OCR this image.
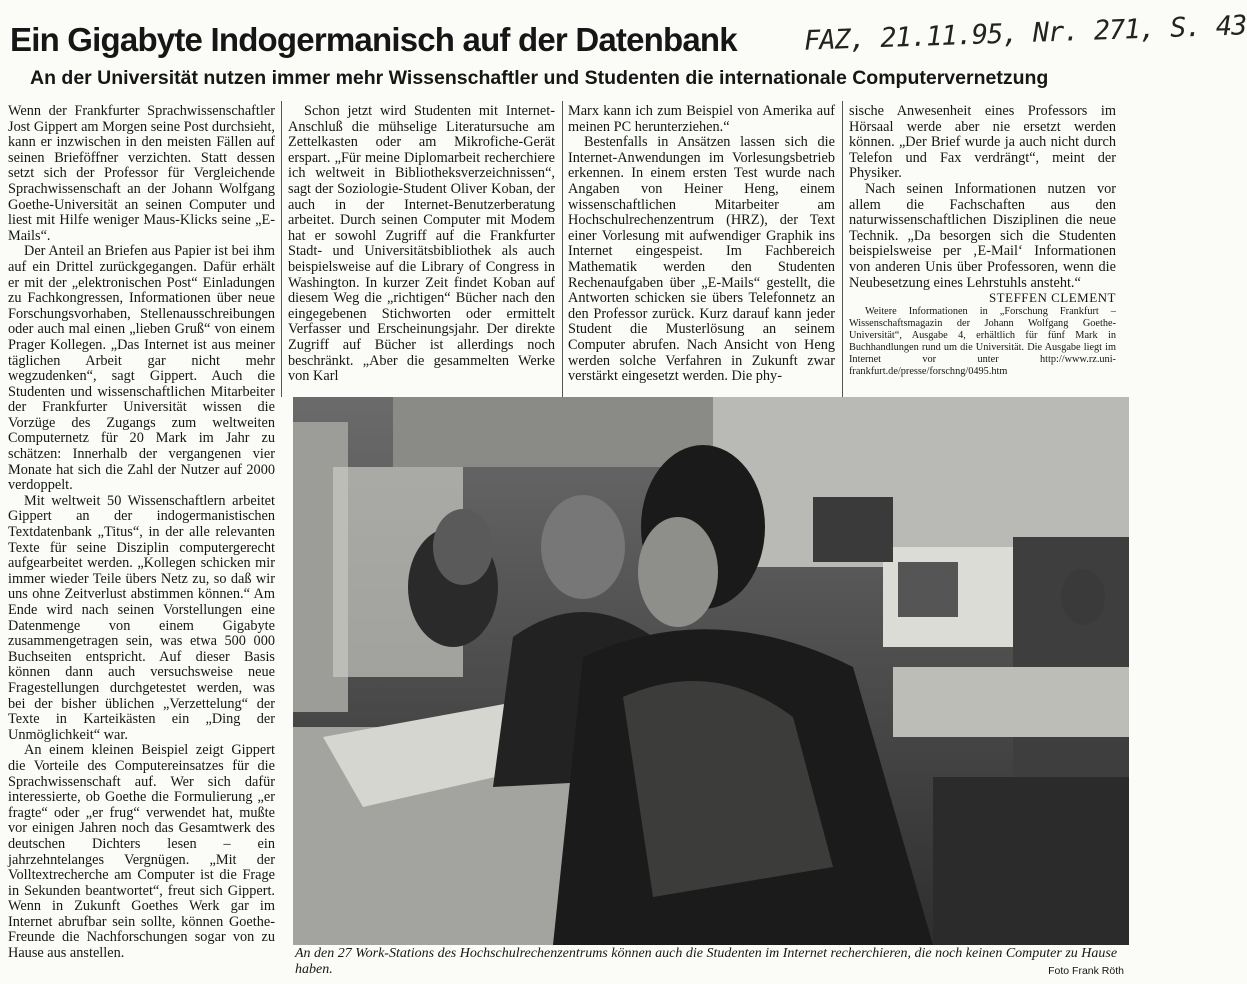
Ein Gigabyte Indogermanisch auf der Datenbank FAZ, 21.11.95, Nr. 271, S. 43
An der Universität nutzen immer mehr Wissenschaftler und Studenten die internationale Computervernetzung

Wenn der Frankfurter Sprachwissenschaftler Jost Gippert am Morgen seine Post durchsieht, kann er inzwischen in den meisten Fällen auf seinen Brieföffner verzichten. Statt dessen setzt sich der Professor für Vergleichende Sprachwissenschaft an der Johann Wolfgang Goethe-Universität an seinen Computer und liest mit Hilfe weniger Maus-Klicks seine „E-Mails“.

Der Anteil an Briefen aus Papier ist bei ihm auf ein Drittel zurückgegangen. Dafür erhält er mit der „elektronischen Post“ Einladungen zu Fachkongressen, Informationen über neue Forschungsvorhaben, Stellenausschreibungen oder auch mal einen „lieben Gruß“ von einem Prager Kollegen. „Das Internet ist aus meiner täglichen Arbeit gar nicht mehr wegzudenken“, sagt Gippert. Auch die Studenten und wissenschaftlichen Mitarbeiter der Frankfurter Universität wissen die Vorzüge des Zugangs zum weltweiten Computernetz für 20 Mark im Jahr zu schätzen: Innerhalb der vergangenen vier Monate hat sich die Zahl der Nutzer auf 2000 verdoppelt.

Mit weltweit 50 Wissenschaftlern arbeitet Gippert an der indogermanistischen Textdatenbank „Titus“, in der alle relevanten Texte für seine Disziplin computergerecht aufgearbeitet werden. „Kollegen schicken mir immer wieder Teile übers Netz zu, so daß wir uns ohne Zeitverlust abstimmen können.“ Am Ende wird nach seinen Vorstellungen eine Datenmenge von einem Gigabyte zusammengetragen sein, was etwa 500 000 Buchseiten entspricht. Auf dieser Basis können dann auch versuchsweise neue Fragestellungen durchgetestet werden, was bei der bisher üblichen „Verzettelung“ der Texte in Karteikästen ein „Ding der Unmöglichkeit“ war.

An einem kleinen Beispiel zeigt Gippert die Vorteile des Computereinsatzes für die Sprachwissenschaft auf. Wer sich dafür interessierte, ob Goethe die Formulierung „er fragte“ oder „er frug“ verwendet hat, mußte vor einigen Jahren noch das Gesamtwerk des deutschen Dichters lesen – ein jahrzehntelanges Vergnügen. „Mit der Volltextrecherche am Computer ist die Frage in Sekunden beantwortet“, freut sich Gippert. Wenn in Zukunft Goethes Werk gar im Internet abrufbar sein sollte, können Goethe-Freunde die Nachforschungen sogar von zu Hause aus anstellen.

Schon jetzt wird Studenten mit Internet-Anschluß die mühselige Literatursuche am Zettelkasten oder am Mikrofiche-Gerät erspart. „Für meine Diplomarbeit recherchiere ich weltweit in Bibliotheksverzeichnissen“, sagt der Soziologie-Student Oliver Koban, der auch in der Internet-Benutzerberatung arbeitet. Durch seinen Computer mit Modem hat er sowohl Zugriff auf die Frankfurter Stadt- und Universitätsbibliothek als auch beispielsweise auf die Library of Congress in Washington. In kurzer Zeit findet Koban auf diesem Weg die „richtigen“ Bücher nach den eingegebenen Stichworten oder ermittelt Verfasser und Erscheinungsjahr. Der direkte Zugriff auf Bücher ist allerdings noch beschränkt. „Aber die gesammelten Werke von Karl

Marx kann ich zum Beispiel von Amerika auf meinen PC herunterziehen.“

Bestenfalls in Ansätzen lassen sich die Internet-Anwendungen im Vorlesungsbetrieb erkennen. In einem ersten Test wurde nach Angaben von Heiner Heng, einem wissenschaftlichen Mitarbeiter am Hochschulrechenzentrum (HRZ), der Text einer Vorlesung mit aufwendiger Graphik ins Internet eingespeist. Im Fachbereich Mathematik werden den Studenten Rechenaufgaben über „E-Mails“ gestellt, die Antworten schicken sie übers Telefonnetz an den Professor zurück. Kurz darauf kann jeder Student die Musterlösung an seinem Computer abrufen. Nach Ansicht von Heng werden solche Verfahren in Zukunft zwar verstärkt eingesetzt werden. Die phy-

sische Anwesenheit eines Professors im Hörsaal werde aber nie ersetzt werden können. „Der Brief wurde ja auch nicht durch Telefon und Fax verdrängt“, meint der Physiker.

Nach seinen Informationen nutzen vor allem die Fachschaften aus den naturwissenschaftlichen Disziplinen die neue Technik. „Da besorgen sich die Studenten beispielsweise per ‚E-Mail‘ Informationen von anderen Unis über Professoren, wenn die Neubesetzung eines Lehrstuhls ansteht.“

STEFFEN CLEMENT

Weitere Informationen in „Forschung Frankfurt – Wissenschaftsmagazin der Johann Wolfgang Goethe-Universität“, Ausgabe 4, erhältlich für fünf Mark in Buchhandlungen rund um die Universität. Die Ausgabe liegt im Internet vor unter http://www.rz.uni-frankfurt.de/presse/forschng/0495.htm

An den 27 Work-Stations des Hochschulrechenzentrums können auch die Studenten im Internet recherchieren, die noch keinen Computer zu Hause haben.	Foto Frank Röth
